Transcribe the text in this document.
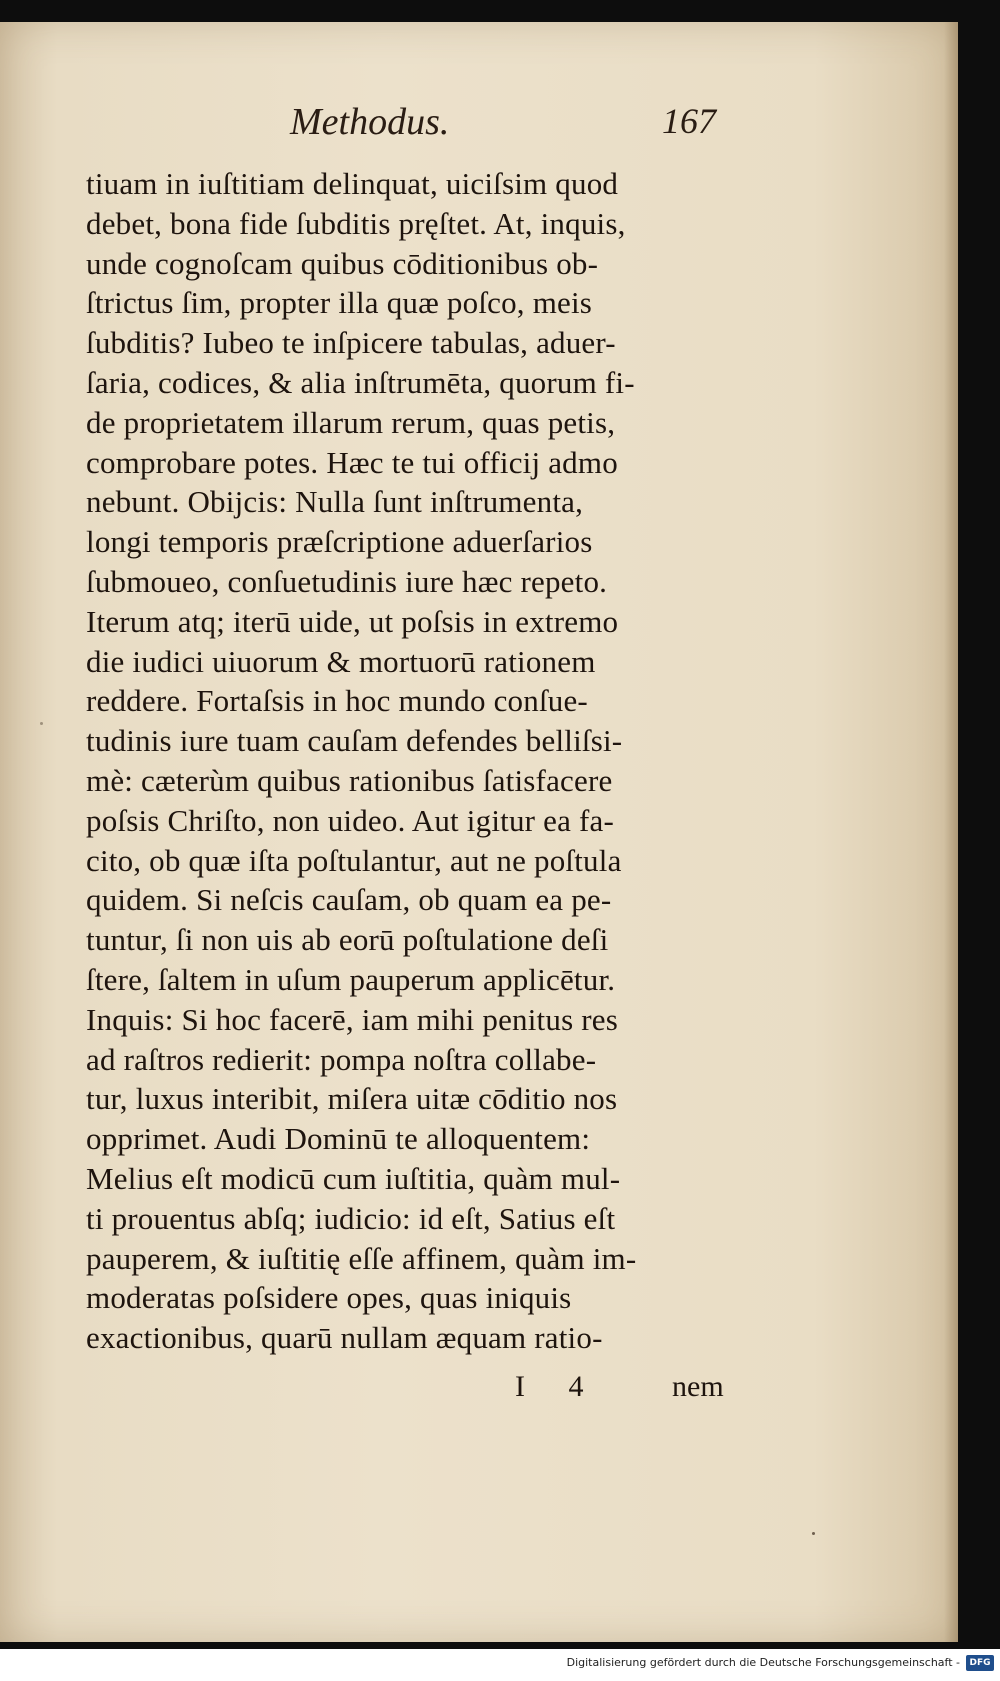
Methodus.	167
tiuam in iuſtitiam delinquat, uiciſsim quod
debet, bona fide ſubditis pręſtet. At, inquis,
unde cognoſcam quibus cōditionibus ob-
ſtrictus ſim, propter illa quæ poſco, meis
ſubditis? Iubeo te inſpicere tabulas, aduer-
ſaria, codices, & alia inſtrumēta, quorum fi-
de proprietatem illarum rerum, quas petis,
comprobare potes. Hæc te tui officij admo
nebunt. Obijcis: Nulla ſunt inſtrumenta,
longi temporis præſcriptione aduerſarios
ſubmoueo, conſuetudinis iure hæc repeto.
Iterum atq; iterū uide, ut poſsis in extremo
die iudici uiuorum & mortuorū rationem
reddere. Fortaſsis in hoc mundo conſue-
tudinis iure tuam cauſam defendes belliſsi-
mè: cæterùm quibus rationibus ſatisfacere
poſsis Chriſto, non uideo. Aut igitur ea fa-
cito, ob quæ iſta poſtulantur, aut ne poſtula
quidem. Si neſcis cauſam, ob quam ea pe-
tuntur, ſi non uis ab eorū poſtulatione deſi
ſtere, ſaltem in uſum pauperum applicētur.
Inquis: Si hoc facerē, iam mihi penitus res
ad raſtros redierit: pompa noſtra collabe-
tur, luxus interibit, miſera uitæ cōditio nos
opprimet. Audi Dominū te alloquentem:
Melius eſt modicū cum iuſtitia, quàm mul-
ti prouentus abſq; iudicio: id eſt, Satius eſt
pauperem, & iuſtitię eſſe affinem, quàm im-
moderatas poſsidere opes, quas iniquis
exactionibus, quarū nullam æquam ratio-
I 4 nem
Digitalisierung gefördert durch die Deutsche Forschungsgemeinschaft -	DFG
